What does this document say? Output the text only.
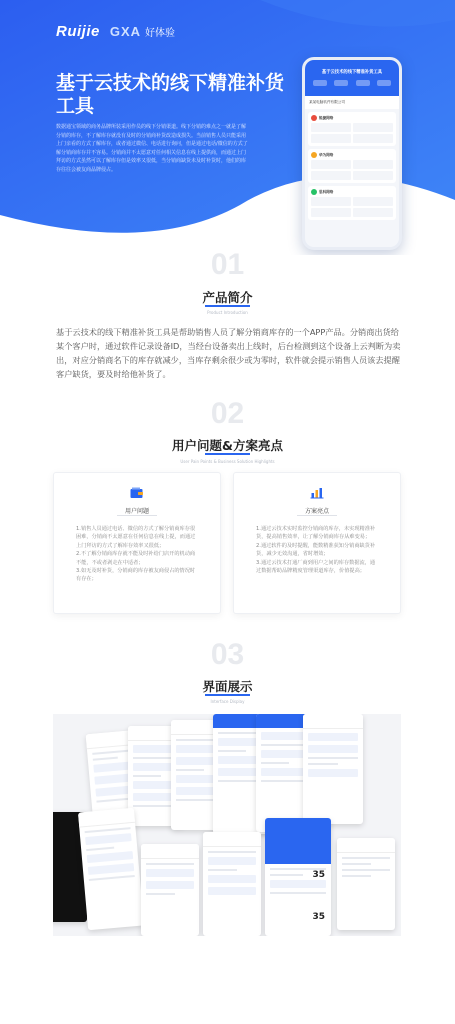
Ruijie GXA 好体验
基于云技术的线下精准补货工具
数据通宝领域的商务品牌所装采用作员的线下分销渠道。线下分销的难点之一就是了解分销的库存，不了解库存就没有及时的分销商补货改造成损失。当前销售人员只能采用上门亲看的方式了解库存，或者通过微信、电话进行询问，但是通过电话/微信的方式了解分销商库存并不容易。分销商并不太愿意对任何相关信息在线上提供商，而通过上门拜访的方式虽然可以了解库存但是效率又很低，当分销商缺货未及时补货时，他们的库存往往会被友商品牌侵占。
基于云技术的线下精准补货工具
某某电脑软件有限公司
锐捷网络
华为网络
思科网络
01
产品简介
Product Introduction
基于云技术的线下精准补货工具是帮助销售人员了解分销商库存的一个APP产品。分销商出货给某个客户时，通过软件记录设备ID，当经台设备卖出上线时，后台检测到这个设备上云判断为卖出，对应分销商名下的库存就减少，当库存剩余很少或为零时，软件就会提示销售人员该去提醒客户缺货，要及时给他补货了。
02
用户问题&方案亮点
User Pain Points & Business Solution Highlights
用户问题
1.销售人员通过电话、微信的方式了解分销商库存很困难，分销商不太愿意在任何信息在线上提，而通过上门拜访的方式了解库存效率又很低；
2.不了解分销商库存就不能及时补给门店开的机动商不能，不或者剥走在中适者；
3.如无及时补货，分销商的库存被友商侵占的情况时有存在；
方案亮点
1.通过云技术实时监控分销商的库存，未实现精准补货，提高销售效率，让了解分销商库存从难变易；
2.通过软件的及时提醒，能数精准获知分销商缺货补货，减少无效沟通，省时增效；
3.通过云技术打通厂商到用户之间的库存数据流，通过数据帮助品牌精度管理渠道库存，价值提高；
03
界面展示
Interface Display
35
35
